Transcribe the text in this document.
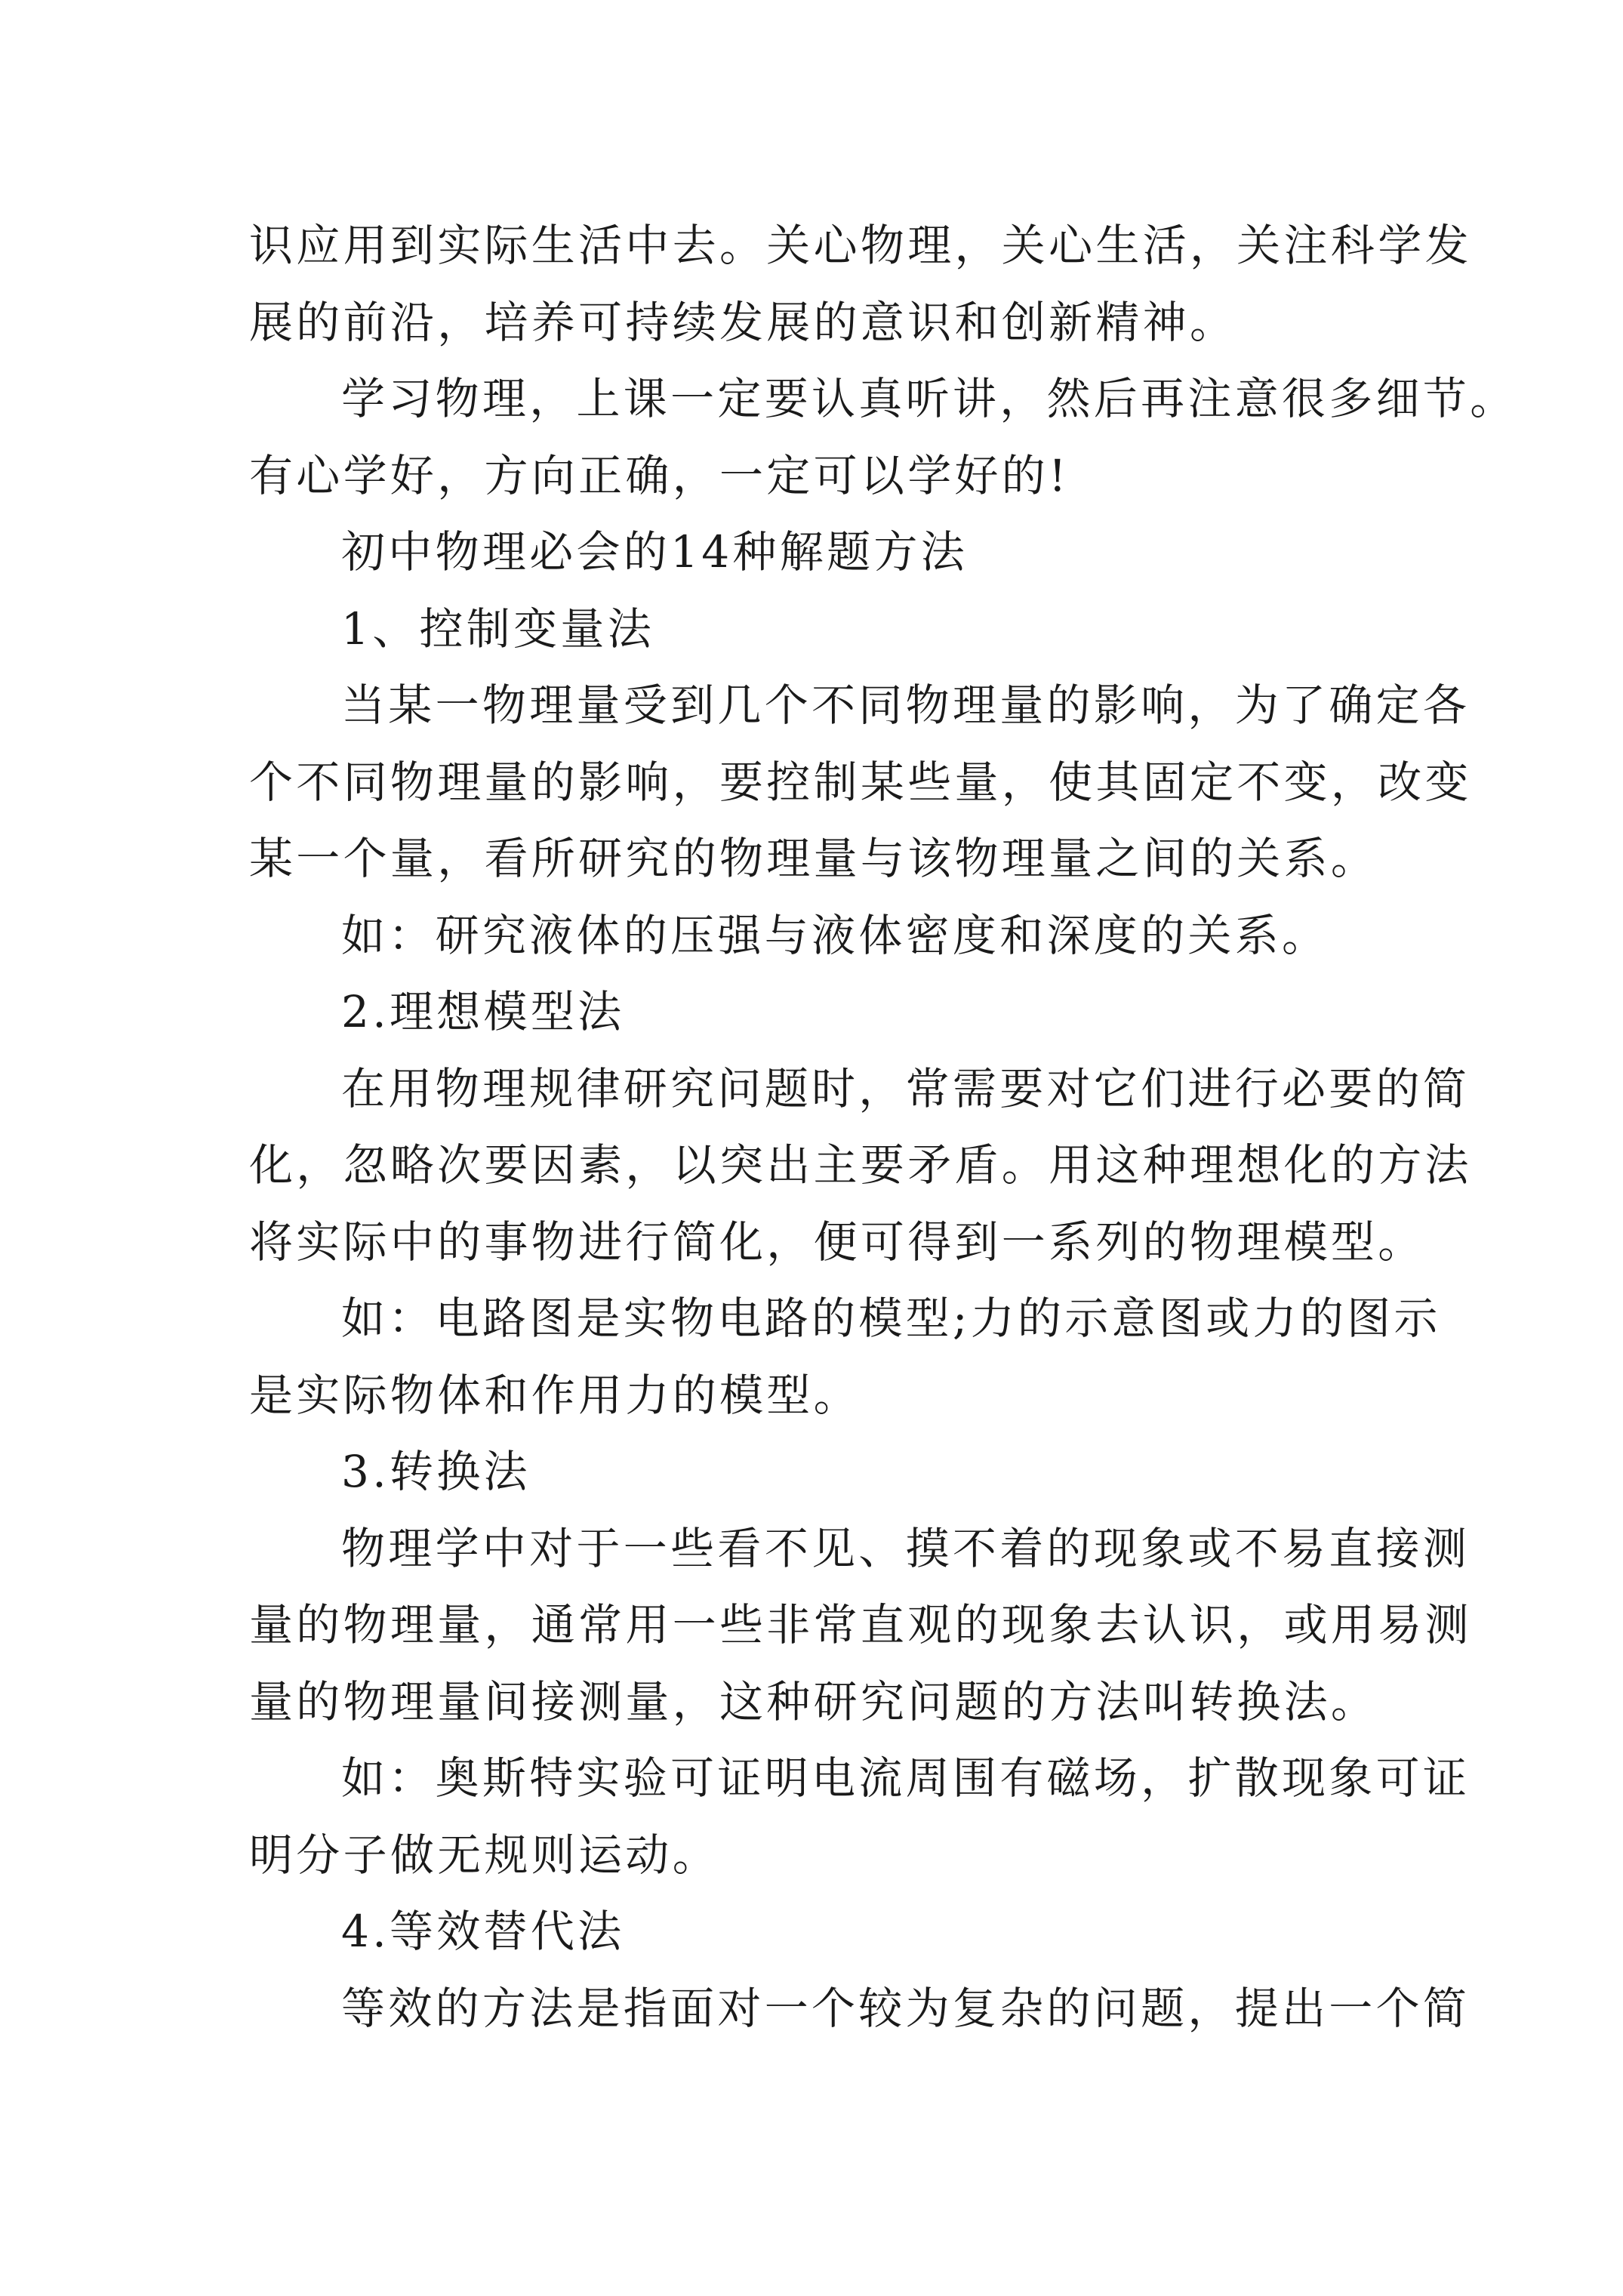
识应用到实际生活中去。关心物理，关心生活，关注科学发
展的前沿，培养可持续发展的意识和创新精神。
学习物理，上课一定要认真听讲，然后再注意很多细节。
有心学好，方向正确，一定可以学好的!
初中物理必会的14种解题方法
1、控制变量法
当某一物理量受到几个不同物理量的影响，为了确定各
个不同物理量的影响，要控制某些量，使其固定不变，改变
某一个量，看所研究的物理量与该物理量之间的关系。
如：研究液体的压强与液体密度和深度的关系。
2.理想模型法
在用物理规律研究问题时，常需要对它们进行必要的简
化，忽略次要因素，以突出主要矛盾。用这种理想化的方法
将实际中的事物进行简化，便可得到一系列的物理模型。
如：电路图是实物电路的模型;力的示意图或力的图示
是实际物体和作用力的模型。
3.转换法
物理学中对于一些看不见、摸不着的现象或不易直接测
量的物理量，通常用一些非常直观的现象去认识，或用易测
量的物理量间接测量，这种研究问题的方法叫转换法。
如：奥斯特实验可证明电流周围有磁场，扩散现象可证
明分子做无规则运动。
4.等效替代法
等效的方法是指面对一个较为复杂的问题，提出一个简
